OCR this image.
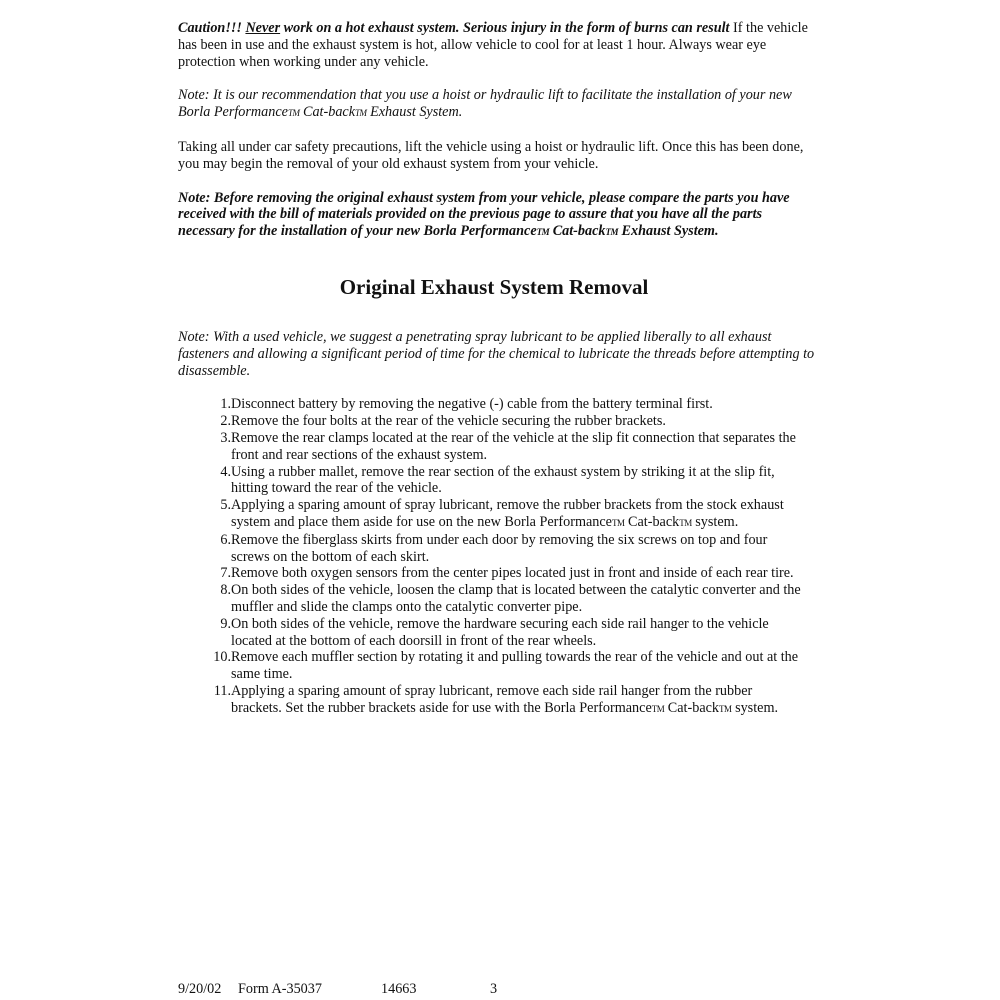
Caution!!! Never work on a hot exhaust system. Serious injury in the form of burns can result If the vehicle has been in use and the exhaust system is hot, allow vehicle to cool for at least 1 hour. Always wear eye protection when working under any vehicle.

Note: It is our recommendation that you use a hoist or hydraulic lift to facilitate the installation of your new Borla PerformanceTM Cat-backTM Exhaust System.

Taking all under car safety precautions, lift the vehicle using a hoist or hydraulic lift. Once this has been done, you may begin the removal of your old exhaust system from your vehicle.

Note: Before removing the original exhaust system from your vehicle, please compare the parts you have received with the bill of materials provided on the previous page to assure that you have all the parts necessary for the installation of your new Borla PerformanceTM Cat-backTM Exhaust System.

Original Exhaust System Removal

Note: With a used vehicle, we suggest a penetrating spray lubricant to be applied liberally to all exhaust fasteners and allowing a significant period of time for the chemical to lubricate the threads before attempting to disassemble.

1. Disconnect battery by removing the negative (-) cable from the battery terminal first.
2. Remove the four bolts at the rear of the vehicle securing the rubber brackets.
3. Remove the rear clamps located at the rear of the vehicle at the slip fit connection that separates the front and rear sections of the exhaust system.
4. Using a rubber mallet, remove the rear section of the exhaust system by striking it at the slip fit, hitting toward the rear of the vehicle.
5. Applying a sparing amount of spray lubricant, remove the rubber brackets from the stock exhaust system and place them aside for use on the new Borla PerformanceTM Cat-backTM system.
6. Remove the fiberglass skirts from under each door by removing the six screws on top and four screws on the bottom of each skirt.
7. Remove both oxygen sensors from the center pipes located just in front and inside of each rear tire.
8. On both sides of the vehicle, loosen the clamp that is located between the catalytic converter and the muffler and slide the clamps onto the catalytic converter pipe.
9. On both sides of the vehicle, remove the hardware securing each side rail hanger to the vehicle located at the bottom of each doorsill in front of the rear wheels.
10. Remove each muffler section by rotating it and pulling towards the rear of the vehicle and out at the same time.
11. Applying a sparing amount of spray lubricant, remove each side rail hanger from the rubber brackets. Set the rubber brackets aside for use with the Borla PerformanceTM Cat-backTM system.
9/20/02 Form A-35037	14663	3
